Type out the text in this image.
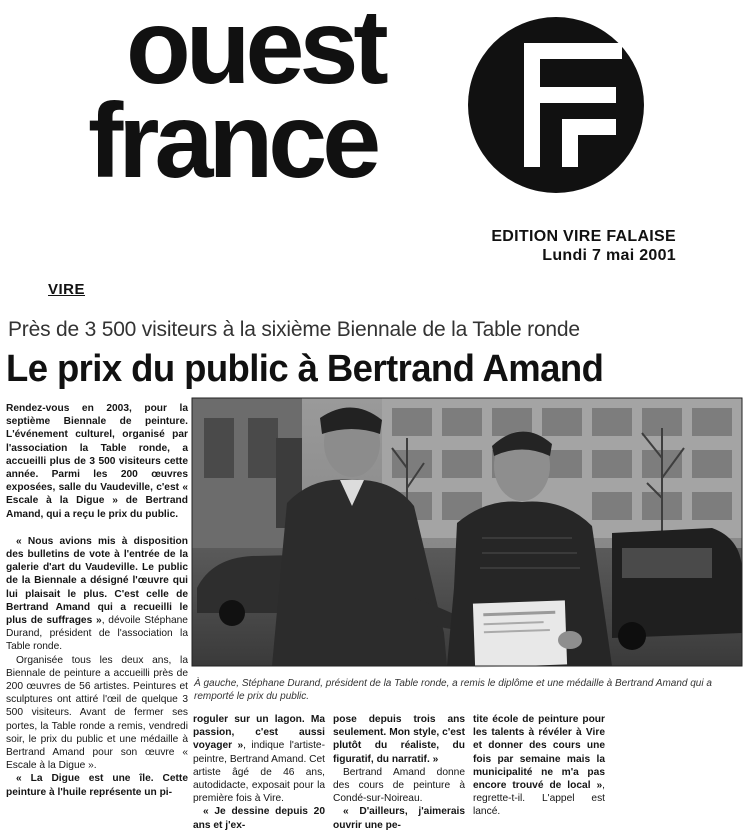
ouest
france
EDITION VIRE FALAISE
Lundi 7 mai 2001
VIRE
Près de 3 500 visiteurs à la sixième Biennale de la Table ronde
Le prix du public à Bertrand Amand

Rendez-vous en 2003, pour la septième Biennale de peinture. L'événement culturel, organisé par l'association la Table ronde, a accueilli plus de 3 500 visiteurs cette année. Parmi les 200 œuvres exposées, salle du Vaudeville, c'est « Escale à la Digue » de Bertrand Amand, qui a reçu le prix du public.

« Nous avions mis à disposition des bulletins de vote à l'entrée de la galerie d'art du Vaudeville. Le public de la Biennale a désigné l'œuvre qui lui plaisait le plus. C'est celle de Bertrand Amand qui a recueilli le plus de suffrages », dévoile Stéphane Durand, président de l'association la Table ronde.

Organisée tous les deux ans, la Biennale de peinture a accueilli près de 200 œuvres de 56 artistes. Peintures et sculptures ont attiré l'œil de quelque 3 500 visiteurs. Avant de fermer ses portes, la Table ronde a remis, vendredi soir, le prix du public et une médaille à Bertrand Amand pour son œuvre « Escale à la Digue ».

« La Digue est une île. Cette peinture à l'huile représente un pi-

À gauche, Stéphane Durand, président de la Table ronde, a remis le diplôme et une médaille à Bertrand Amand qui a remporté le prix du public.

roguler sur un lagon. Ma passion, c'est aussi voyager », indique l'artiste-peintre, Bertrand Amand. Cet artiste âgé de 46 ans, autodidacte, exposait pour la première fois à Vire.

« Je dessine depuis 20 ans et j'ex-

pose depuis trois ans seulement. Mon style, c'est plutôt du réaliste, du figuratif, du narratif. »

Bertrand Amand donne des cours de peinture à Condé-sur-Noireau.

« D'ailleurs, j'aimerais ouvrir une pe-

tite école de peinture pour les talents à révéler à Vire et donner des cours une fois par semaine mais la municipalité ne m'a pas encore trouvé de local », regrette-t-il. L'appel est lancé.
